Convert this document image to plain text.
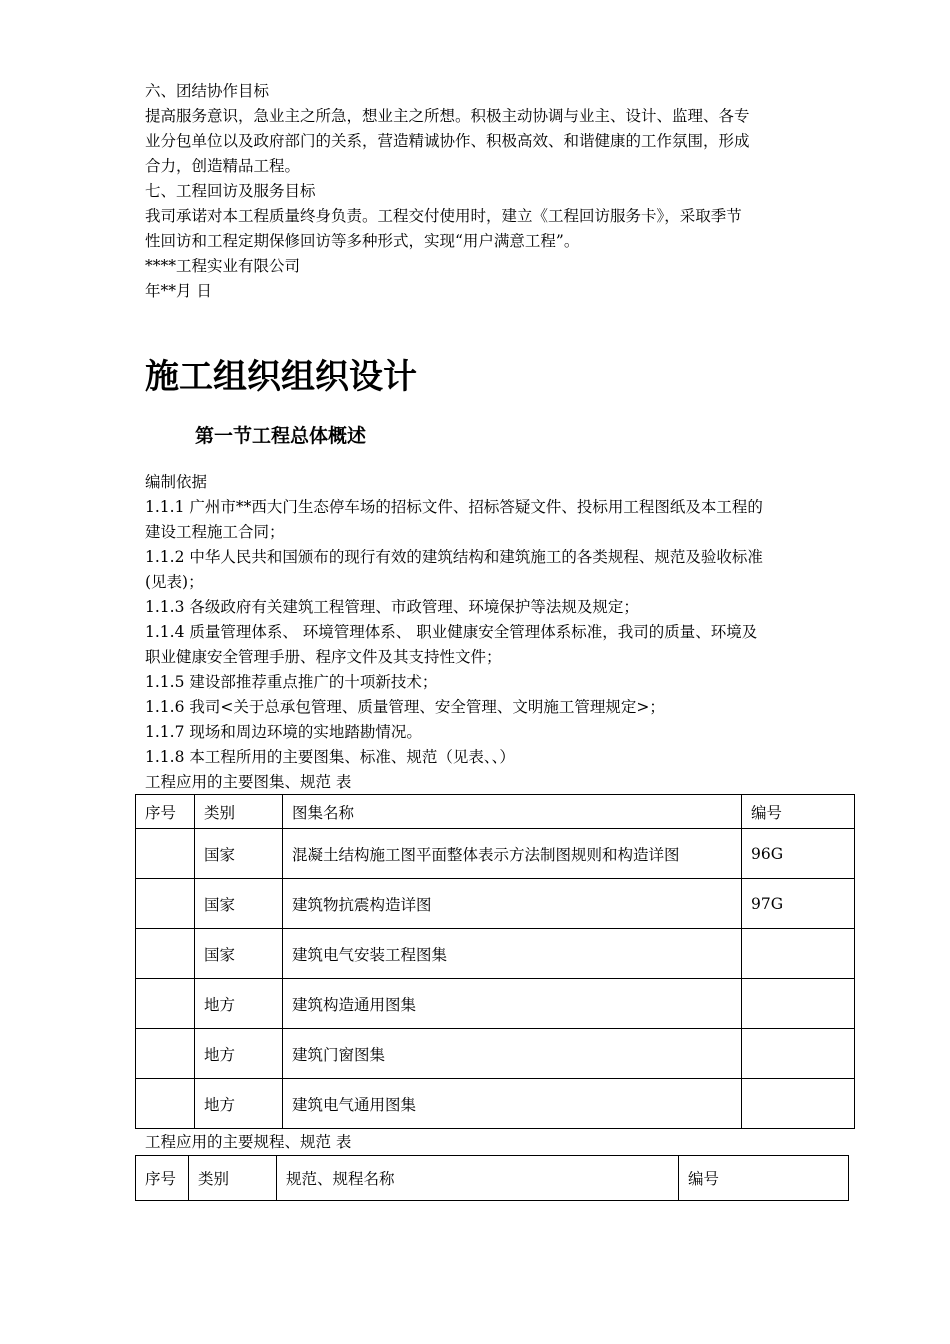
六、团结协作目标
提高服务意识，急业主之所急，想业主之所想。积极主动协调与业主、设计、监理、各专
业分包单位以及政府部门的关系，营造精诚协作、积极高效、和谐健康的工作氛围，形成
合力，创造精品工程。
七、工程回访及服务目标
我司承诺对本工程质量终身负责。工程交付使用时，建立《工程回访服务卡》，采取季节
性回访和工程定期保修回访等多种形式，实现“用户满意工程”。
****工程实业有限公司
年**月 日
施工组织组织设计
第一节工程总体概述
编制依据
1.1.1 广州市**西大门生态停车场的招标文件、招标答疑文件、投标用工程图纸及本工程的
建设工程施工合同；
1.1.2 中华人民共和国颁布的现行有效的建筑结构和建筑施工的各类规程、规范及验收标准
(见表)；
1.1.3 各级政府有关建筑工程管理、市政管理、环境保护等法规及规定；
1.1.4 质量管理体系、 环境管理体系、 职业健康安全管理体系标准，我司的质量、环境及
职业健康安全管理手册、程序文件及其支持性文件；
1.1.5 建设部推荐重点推广的十项新技术；
1.1.6 我司<关于总承包管理、质量管理、安全管理、文明施工管理规定>；
1.1.7 现场和周边环境的实地踏勘情况。
1.1.8 本工程所用的主要图集、标准、规范（见表、、）
工程应用的主要图集、规范 表
序号	类别	图集名称	编号
	国家	混凝土结构施工图平面整体表示方法制图规则和构造详图	96G
	国家	建筑物抗震构造详图	97G
	国家	建筑电气安装工程图集	
	地方	建筑构造通用图集	
	地方	建筑门窗图集	
	地方	建筑电气通用图集	
工程应用的主要规程、规范 表
序号	类别	规范、规程名称	编号
